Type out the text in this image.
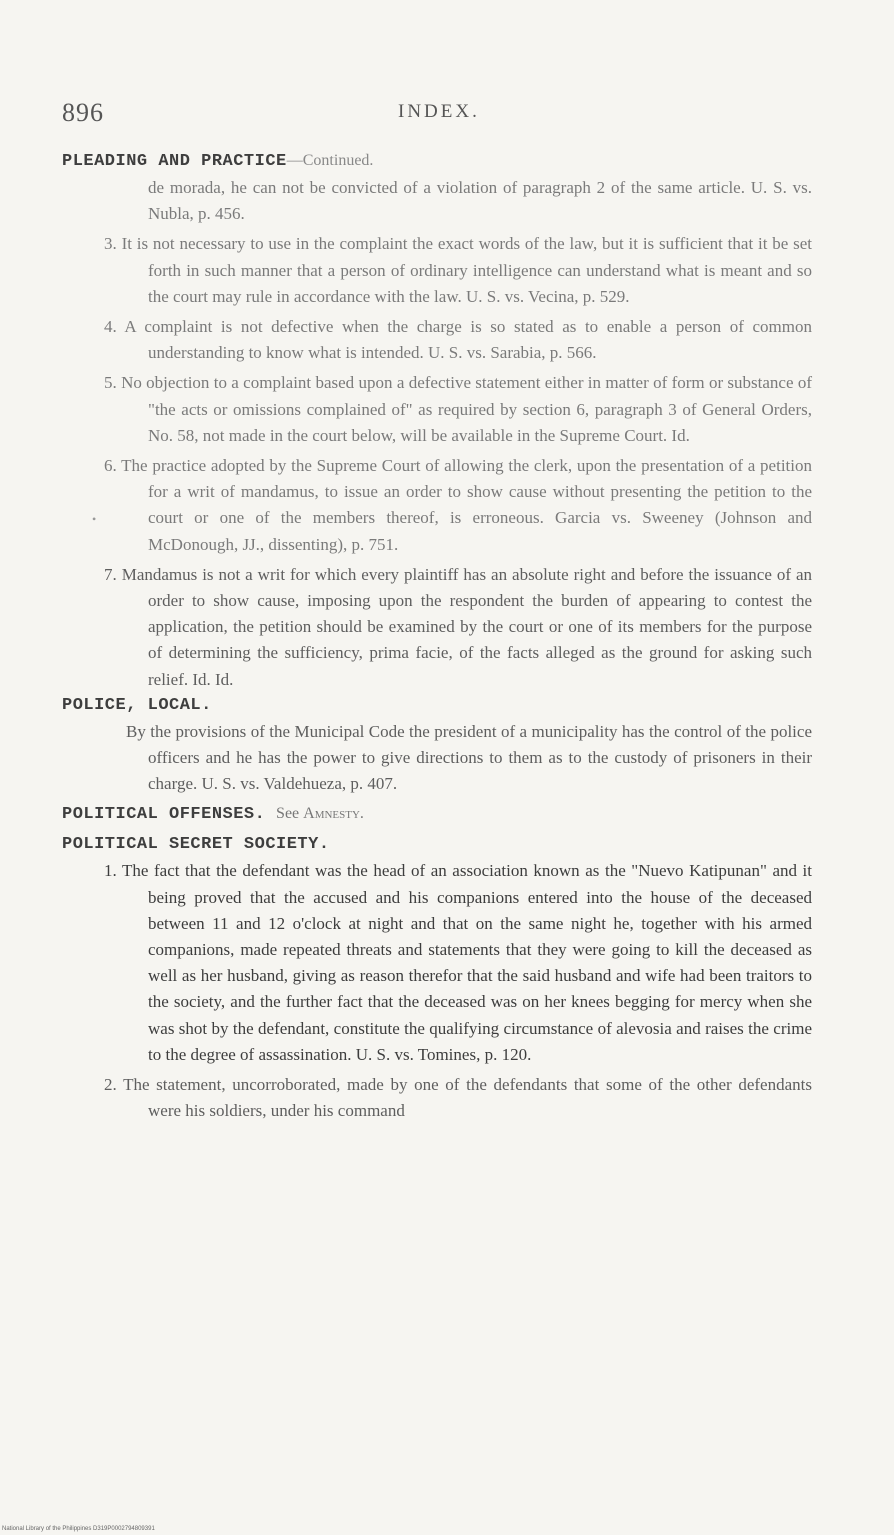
896	INDEX.

PLEADING AND PRACTICE—Continued.

de morada, he can not be convicted of a violation of paragraph 2 of the same article. U. S. vs. Nubla, p. 456.

3. It is not necessary to use in the complaint the exact words of the law, but it is sufficient that it be set forth in such manner that a person of ordinary intelligence can understand what is meant and so the court may rule in accordance with the law. U. S. vs. Vecina, p. 529.

4. A complaint is not defective when the charge is so stated as to enable a person of common understanding to know what is intended. U. S. vs. Sarabia, p. 566.

5. No objection to a complaint based upon a defective statement either in matter of form or substance of "the acts or omissions complained of" as required by section 6, paragraph 3 of General Orders, No. 58, not made in the court below, will be available in the Supreme Court. Id.

6. The practice adopted by the Supreme Court of allowing the clerk, upon the presentation of a petition for a writ of mandamus, to issue an order to show cause without presenting the petition to the court or one of the members thereof, is erroneous. Garcia vs. Sweeney (Johnson and McDonough, JJ., dissenting), p. 751.

7. Mandamus is not a writ for which every plaintiff has an absolute right and before the issuance of an order to show cause, imposing upon the respondent the burden of appearing to contest the application, the petition should be examined by the court or one of its members for the purpose of determining the sufficiency, prima facie, of the facts alleged as the ground for asking such relief. Id. Id.

POLICE, LOCAL.

By the provisions of the Municipal Code the president of a municipality has the control of the police officers and he has the power to give directions to them as to the custody of prisoners in their charge. U. S. vs. Valdehueza, p. 407.

POLITICAL OFFENSES. See Amnesty.

POLITICAL SECRET SOCIETY.

1. The fact that the defendant was the head of an association known as the "Nuevo Katipunan" and it being proved that the accused and his companions entered into the house of the deceased between 11 and 12 o'clock at night and that on the same night he, together with his armed companions, made repeated threats and statements that they were going to kill the deceased as well as her husband, giving as reason therefor that the said husband and wife had been traitors to the society, and the further fact that the deceased was on her knees begging for mercy when she was shot by the defendant, constitute the qualifying circumstance of alevosia and raises the crime to the degree of assassination. U. S. vs. Tomines, p. 120.

2. The statement, uncorroborated, made by one of the defendants that some of the other defendants were his soldiers, under his command

•
National Library of the Philippines D319P0002794809391
